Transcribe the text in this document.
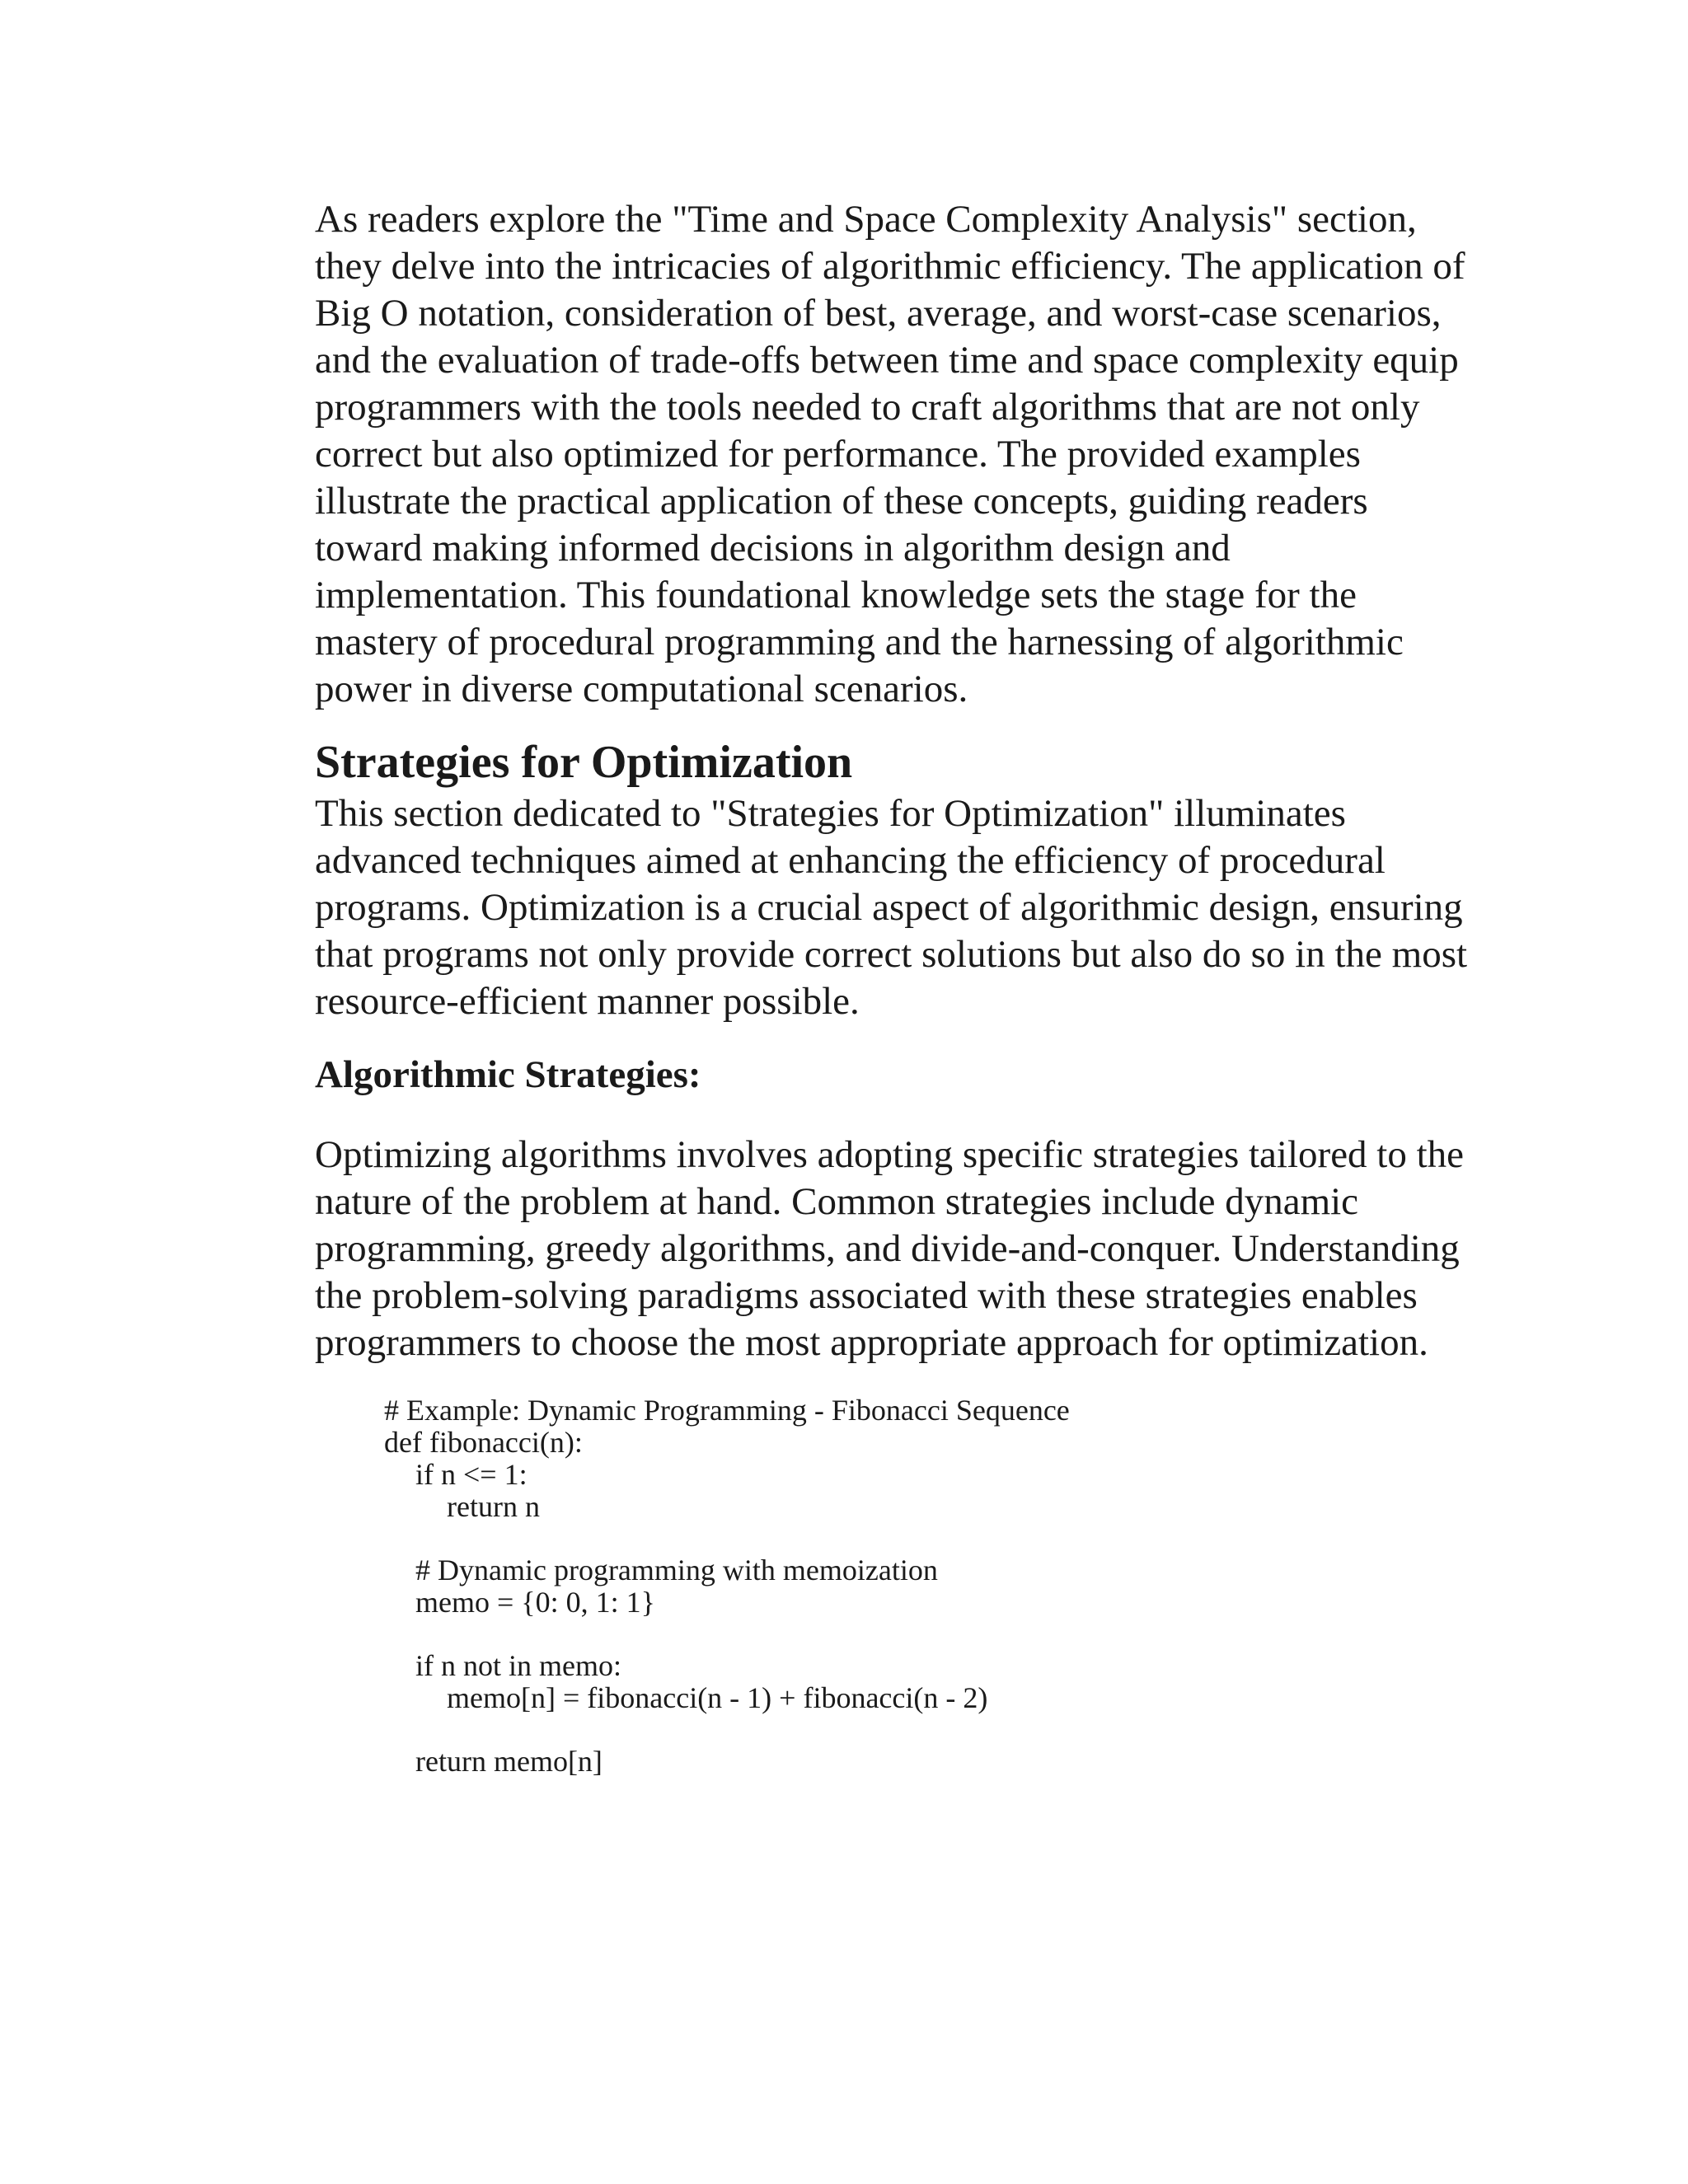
As readers explore the "Time and Space Complexity Analysis" section, they delve into the intricacies of algorithmic efficiency. The application of Big O notation, consideration of best, average, and worst-case scenarios, and the evaluation of trade-offs between time and space complexity equip programmers with the tools needed to craft algorithms that are not only correct but also optimized for performance. The provided examples illustrate the practical application of these concepts, guiding readers toward making informed decisions in algorithm design and implementation. This foundational knowledge sets the stage for the mastery of procedural programming and the harnessing of algorithmic power in diverse computational scenarios.

Strategies for Optimization

This section dedicated to "Strategies for Optimization" illuminates advanced techniques aimed at enhancing the efficiency of procedural programs. Optimization is a crucial aspect of algorithmic design, ensuring that programs not only provide correct solutions but also do so in the most resource-efficient manner possible.

Algorithmic Strategies:

Optimizing algorithms involves adopting specific strategies tailored to the nature of the problem at hand. Common strategies include dynamic programming, greedy algorithms, and divide-and-conquer. Understanding the problem-solving paradigms associated with these strategies enables programmers to choose the most appropriate approach for optimization.

# Example: Dynamic Programming - Fibonacci Sequence
def fibonacci(n):
if n <= 1:
return n
# Dynamic programming with memoization
memo = {0: 0, 1: 1}
if n not in memo:
memo[n] = fibonacci(n - 1) + fibonacci(n - 2)
return memo[n]
